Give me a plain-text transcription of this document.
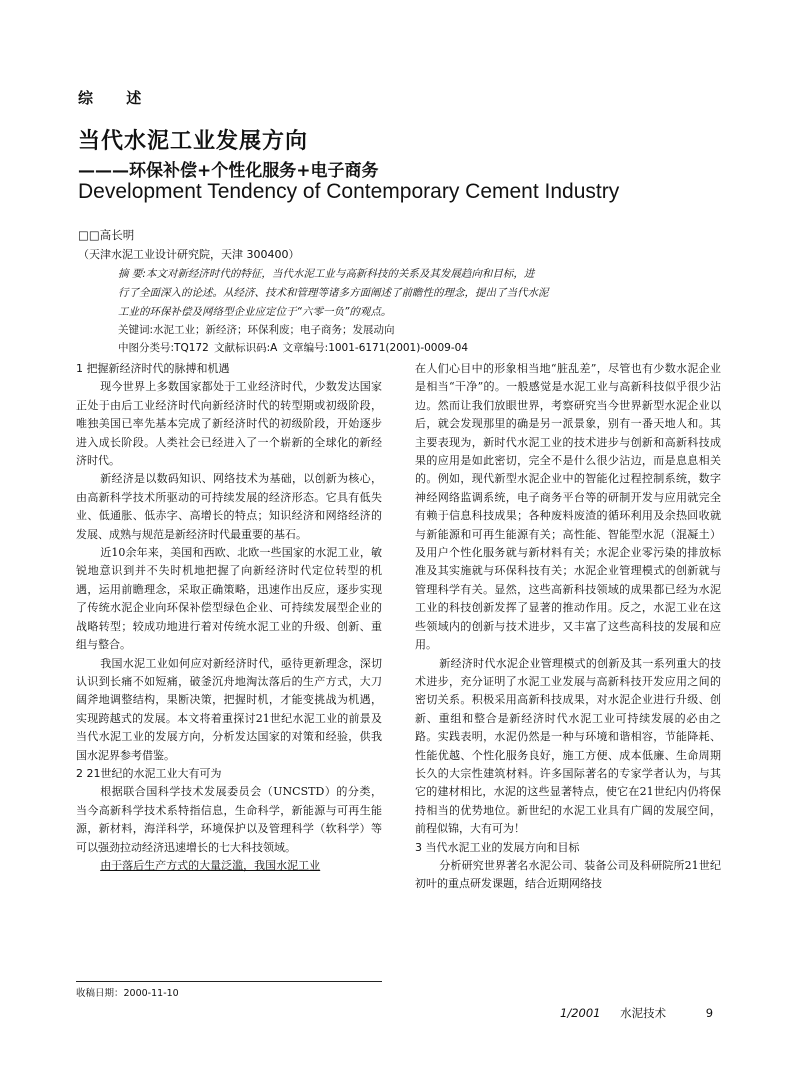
综 述
当代水泥工业发展方向
———环保补偿+个性化服务+电子商务
Development Tendency of Contemporary Cement Industry
□□高长明
（天津水泥工业设计研究院，天津 300400）
摘 要:本文对新经济时代的特征，当代水泥工业与高新科技的关系及其发展趋向和目标，进
行了全面深入的论述。从经济、技术和管理等诸多方面阐述了前瞻性的理念，提出了当代水泥
工业的环保补偿及网络型企业应定位于“六零一负”的观点。
关键词:水泥工业；新经济；环保利废；电子商务；发展动向
中图分类号:TQ172 文献标识码:A 文章编号:1001-6171(2001)-0009-04

1 把握新经济时代的脉搏和机遇

现今世界上多数国家都处于工业经济时代，少数发达国家正处于由后工业经济时代向新经济时代的转型期或初级阶段，唯独美国已率先基本完成了新经济时代的初级阶段，开始逐步进入成长阶段。人类社会已经进入了一个崭新的全球化的新经济时代。

新经济是以数码知识、网络技术为基础，以创新为核心，由高新科学技术所驱动的可持续发展的经济形态。它具有低失业、低通胀、低赤字、高增长的特点；知识经济和网络经济的发展、成熟与规范是新经济时代最重要的基石。

近10余年来，美国和西欧、北欧一些国家的水泥工业，敏锐地意识到并不失时机地把握了向新经济时代定位转型的机遇，运用前瞻理念，采取正确策略，迅速作出反应，逐步实现了传统水泥企业向环保补偿型绿色企业、可持续发展型企业的战略转型；较成功地进行着对传统水泥工业的升级、创新、重组与整合。

我国水泥工业如何应对新经济时代，亟待更新理念，深切认识到长痛不如短痛，破釜沉舟地淘汰落后的生产方式，大刀阔斧地调整结构，果断决策，把握时机，才能变挑战为机遇，实现跨越式的发展。本文将着重探讨21世纪水泥工业的前景及当代水泥工业的发展方向，分析发达国家的对策和经验，供我国水泥界参考借鉴。

2 21世纪的水泥工业大有可为

根据联合国科学技术发展委员会（UNCSTD）的分类，当今高新科学技术系特指信息，生命科学，新能源与可再生能源，新材料，海洋科学，环境保护以及管理科学（软科学）等可以强劲拉动经济迅速增长的七大科技领域。

由于落后生产方式的大量泛滥，我国水泥工业

收稿日期：2000-11-10

在人们心目中的形象相当地“脏乱差”，尽管也有少数水泥企业是相当“干净”的。一般感觉是水泥工业与高新科技似乎很少沾边。然而让我们放眼世界，考察研究当今世界新型水泥企业以后，就会发现那里的确是另一派景象，别有一番天地人和。其主要表现为，新时代水泥工业的技术进步与创新和高新科技成果的应用是如此密切，完全不是什么很少沾边，而是息息相关的。例如，现代新型水泥企业中的智能化过程控制系统，数字神经网络监调系统，电子商务平台等的研制开发与应用就完全有赖于信息科技成果；各种废料废渣的循环利用及余热回收就与新能源和可再生能源有关；高性能、智能型水泥（混凝土）及用户个性化服务就与新材料有关；水泥企业零污染的排放标准及其实施就与环保科技有关；水泥企业管理模式的创新就与管理科学有关。显然，这些高新科技领域的成果都已经为水泥工业的科技创新发挥了显著的推动作用。反之，水泥工业在这些领域内的创新与技术进步，又丰富了这些高科技的发展和应用。

新经济时代水泥企业管理模式的创新及其一系列重大的技术进步，充分证明了水泥工业发展与高新科技开发应用之间的密切关系。积极采用高新科技成果，对水泥企业进行升级、创新、重组和整合是新经济时代水泥工业可持续发展的必由之路。实践表明，水泥仍然是一种与环境和谐相容，节能降耗、性能优越、个性化服务良好，施工方便、成本低廉、生命周期长久的大宗性建筑材料。许多国际著名的专家学者认为，与其它的建材相比，水泥的这些显著特点，使它在21世纪内仍将保持相当的优势地位。新世纪的水泥工业具有广阔的发展空间，前程似锦，大有可为！

3 当代水泥工业的发展方向和目标

分析研究世界著名水泥公司、装备公司及科研院所21世纪初叶的重点研发课题，结合近期网络技

1/2001 水泥技术	9
